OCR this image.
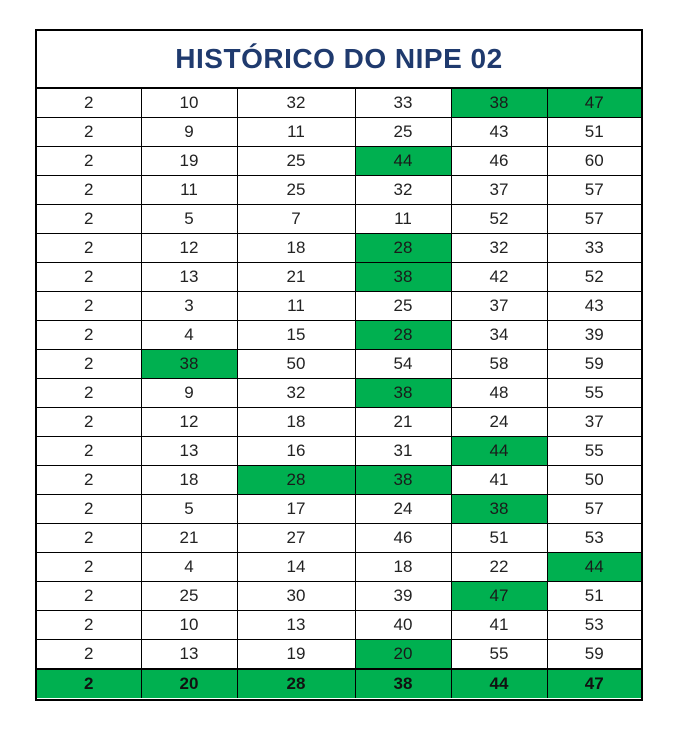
HISTÓRICO DO NIPE 02
2	10	32	33	38	47
2	9	11	25	43	51
2	19	25	44	46	60
2	11	25	32	37	57
2	5	7	11	52	57
2	12	18	28	32	33
2	13	21	38	42	52
2	3	11	25	37	43
2	4	15	28	34	39
2	38	50	54	58	59
2	9	32	38	48	55
2	12	18	21	24	37
2	13	16	31	44	55
2	18	28	38	41	50
2	5	17	24	38	57
2	21	27	46	51	53
2	4	14	18	22	44
2	25	30	39	47	51
2	10	13	40	41	53
2	13	19	20	55	59
2	20	28	38	44	47
